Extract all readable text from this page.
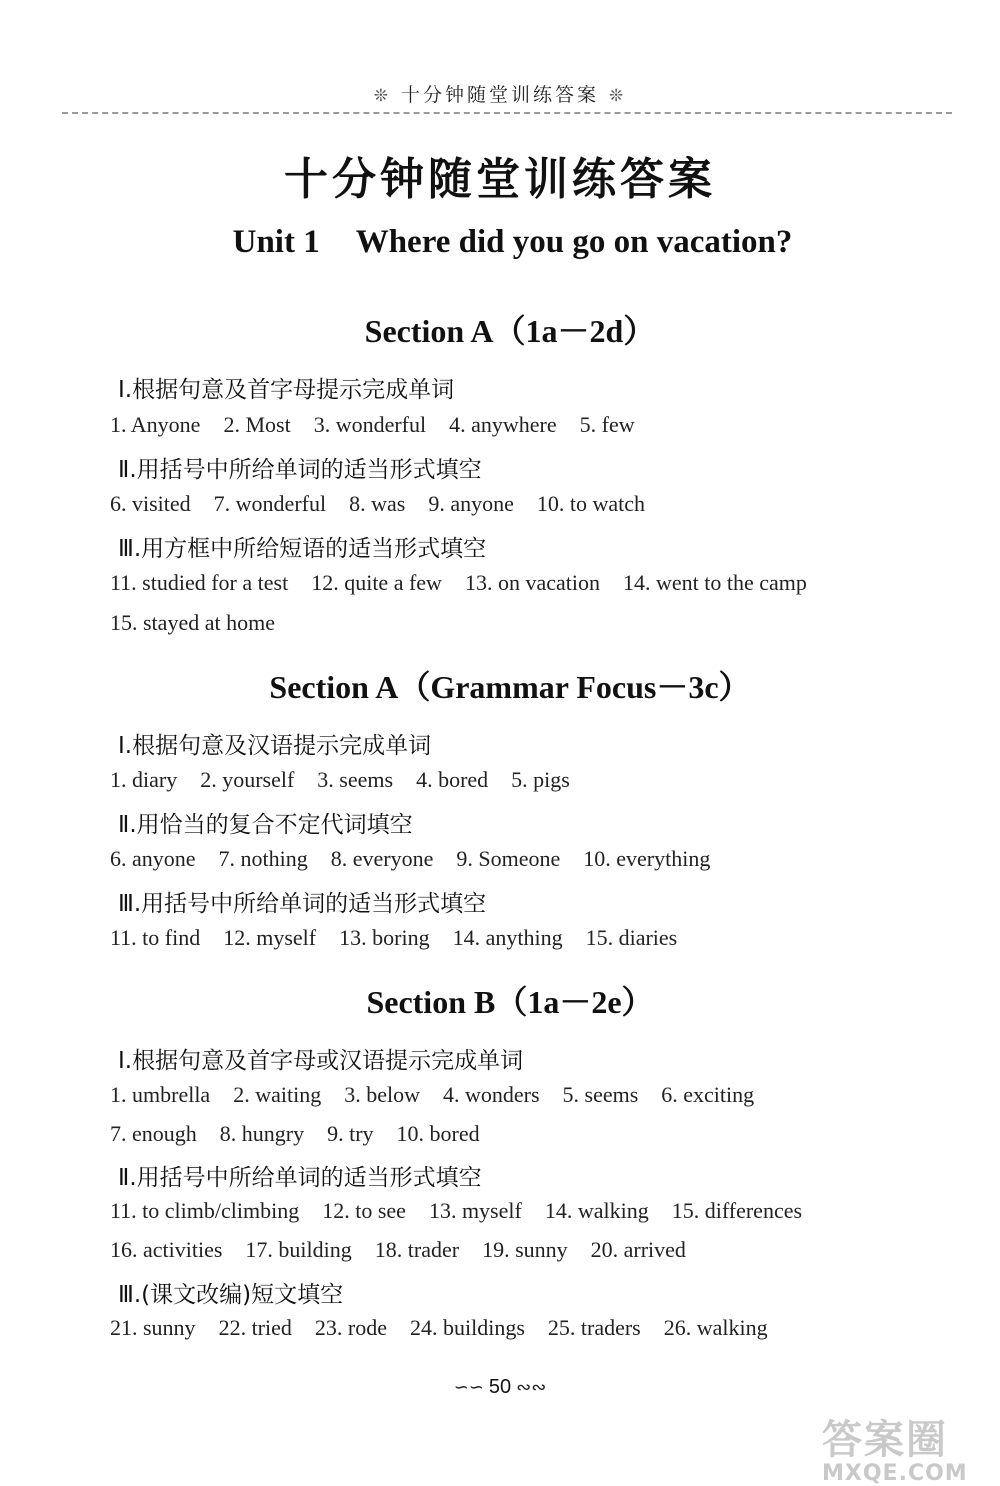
❊ 十分钟随堂训练答案 ❊
十分钟随堂训练答案
Unit 1 Where did you go on vacation?
Section A（1a－2d）
Ⅰ.根据句意及首字母提示完成单词
1. Anyone 2. Most 3. wonderful 4. anywhere 5. few
Ⅱ.用括号中所给单词的适当形式填空
6. visited 7. wonderful 8. was 9. anyone 10. to watch
Ⅲ.用方框中所给短语的适当形式填空
11. studied for a test 12. quite a few 13. on vacation 14. went to the camp
15. stayed at home
Section A（Grammar Focus－3c）
Ⅰ.根据句意及汉语提示完成单词
1. diary 2. yourself 3. seems 4. bored 5. pigs
Ⅱ.用恰当的复合不定代词填空
6. anyone 7. nothing 8. everyone 9. Someone 10. everything
Ⅲ.用括号中所给单词的适当形式填空
11. to find 12. myself 13. boring 14. anything 15. diaries
Section B（1a－2e）
Ⅰ.根据句意及首字母或汉语提示完成单词
1. umbrella 2. waiting 3. below 4. wonders 5. seems 6. exciting
7. enough 8. hungry 9. try 10. bored
Ⅱ.用括号中所给单词的适当形式填空
11. to climb/climbing 12. to see 13. myself 14. walking 15. differences
16. activities 17. building 18. trader 19. sunny 20. arrived
Ⅲ.(课文改编)短文填空
21. sunny 22. tried 23. rode 24. buildings 25. traders 26. walking
∽∽ 50 ∾∾
答案圈
MXQE.COM
